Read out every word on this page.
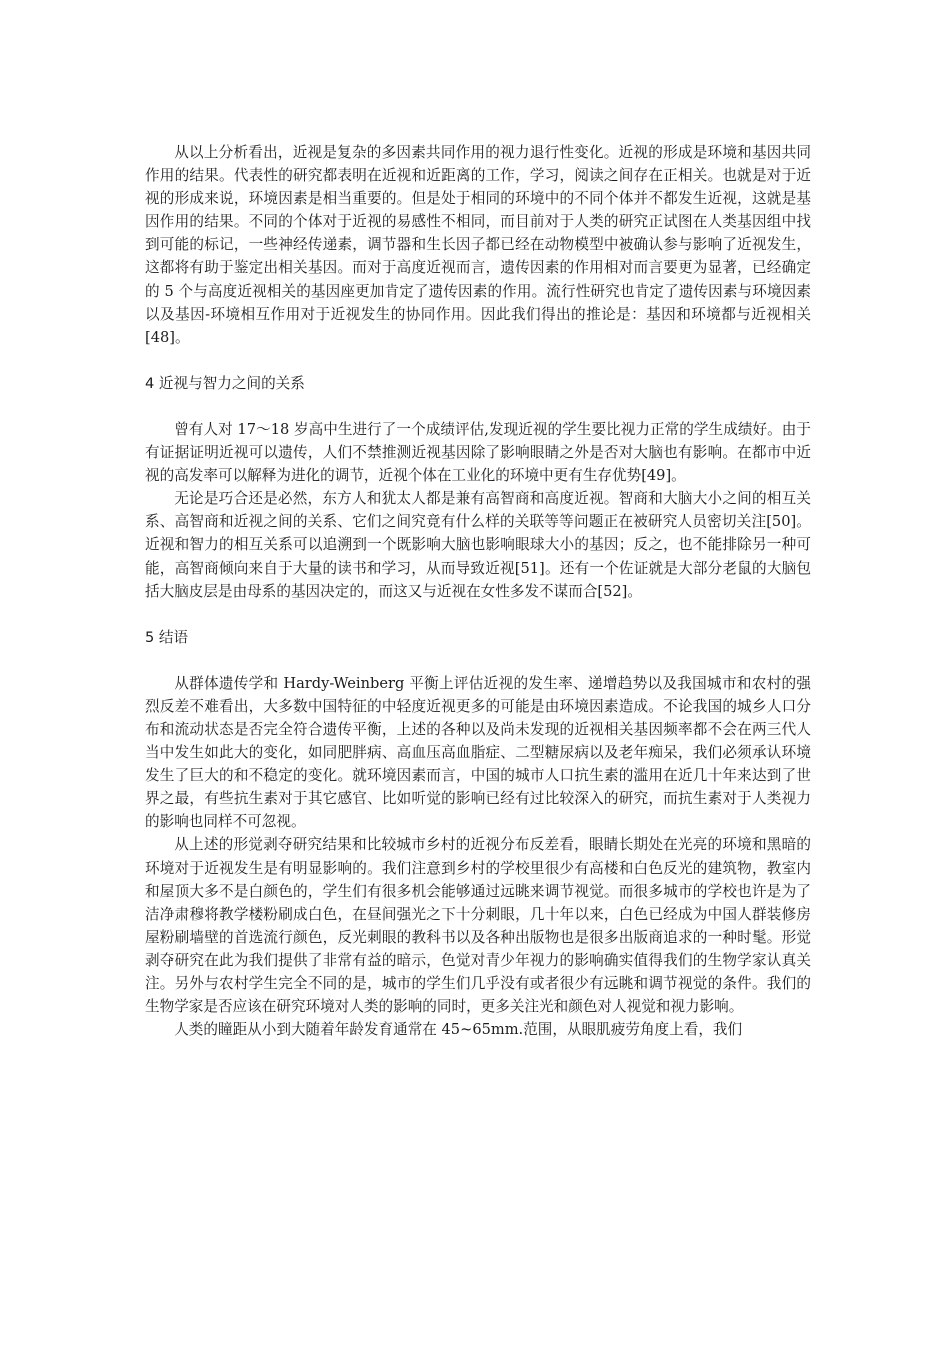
从以上分析看出，近视是复杂的多因素共同作用的视力退行性变化。近视的形成是环境和基因共同作用的结果。代表性的研究都表明在近视和近距离的工作，学习，阅读之间存在正相关。也就是对于近视的形成来说，环境因素是相当重要的。但是处于相同的环境中的不同个体并不都发生近视，这就是基因作用的结果。不同的个体对于近视的易感性不相同，而目前对于人类的研究正试图在人类基因组中找到可能的标记，一些神经传递素，调节器和生长因子都已经在动物模型中被确认参与影响了近视发生，这都将有助于鉴定出相关基因。而对于高度近视而言，遗传因素的作用相对而言要更为显著，已经确定的 5 个与高度近视相关的基因座更加肯定了遗传因素的作用。流行性研究也肯定了遗传因素与环境因素以及基因-环境相互作用对于近视发生的协同作用。因此我们得出的推论是：基因和环境都与近视相关[48]。

4 近视与智力之间的关系

曾有人对 17～18 岁高中生进行了一个成绩评估,发现近视的学生要比视力正常的学生成绩好。由于有证据证明近视可以遗传，人们不禁推测近视基因除了影响眼睛之外是否对大脑也有影响。在都市中近视的高发率可以解释为进化的调节，近视个体在工业化的环境中更有生存优势[49]。

无论是巧合还是必然，东方人和犹太人都是兼有高智商和高度近视。智商和大脑大小之间的相互关系、高智商和近视之间的关系、它们之间究竟有什么样的关联等等问题正在被研究人员密切关注[50]。 近视和智力的相互关系可以追溯到一个既影响大脑也影响眼球大小的基因；反之，也不能排除另一种可能，高智商倾向来自于大量的读书和学习，从而导致近视[51]。还有一个佐证就是大部分老鼠的大脑包括大脑皮层是由母系的基因决定的，而这又与近视在女性多发不谋而合[52]。

5 结语

从群体遗传学和 Hardy-Weinberg 平衡上评估近视的发生率、递增趋势以及我国城市和农村的强烈反差不难看出，大多数中国特征的中轻度近视更多的可能是由环境因素造成。不论我国的城乡人口分布和流动状态是否完全符合遗传平衡，上述的各种以及尚未发现的近视相关基因频率都不会在两三代人当中发生如此大的变化，如同肥胖病、高血压高血脂症、二型糖尿病以及老年痴呆，我们必须承认环境发生了巨大的和不稳定的变化。就环境因素而言，中国的城市人口抗生素的滥用在近几十年来达到了世界之最，有些抗生素对于其它感官、比如听觉的影响已经有过比较深入的研究，而抗生素对于人类视力的影响也同样不可忽视。

从上述的形觉剥夺研究结果和比较城市乡村的近视分布反差看，眼睛长期处在光亮的环境和黑暗的环境对于近视发生是有明显影响的。我们注意到乡村的学校里很少有高楼和白色反光的建筑物，教室内和屋顶大多不是白颜色的，学生们有很多机会能够通过远眺来调节视觉。而很多城市的学校也许是为了洁净肃穆将教学楼粉刷成白色，在昼间强光之下十分刺眼，几十年以来，白色已经成为中国人群装修房屋粉刷墙壁的首选流行颜色，反光刺眼的教科书以及各种出版物也是很多出版商追求的一种时髦。形觉剥夺研究在此为我们提供了非常有益的暗示，色觉对青少年视力的影响确实值得我们的生物学家认真关注。另外与农村学生完全不同的是，城市的学生们几乎没有或者很少有远眺和调节视觉的条件。我们的生物学家是否应该在研究环境对人类的影响的同时，更多关注光和颜色对人视觉和视力影响。

人类的瞳距从小到大随着年龄发育通常在 45~65mm.范围，从眼肌疲劳角度上看，我们
